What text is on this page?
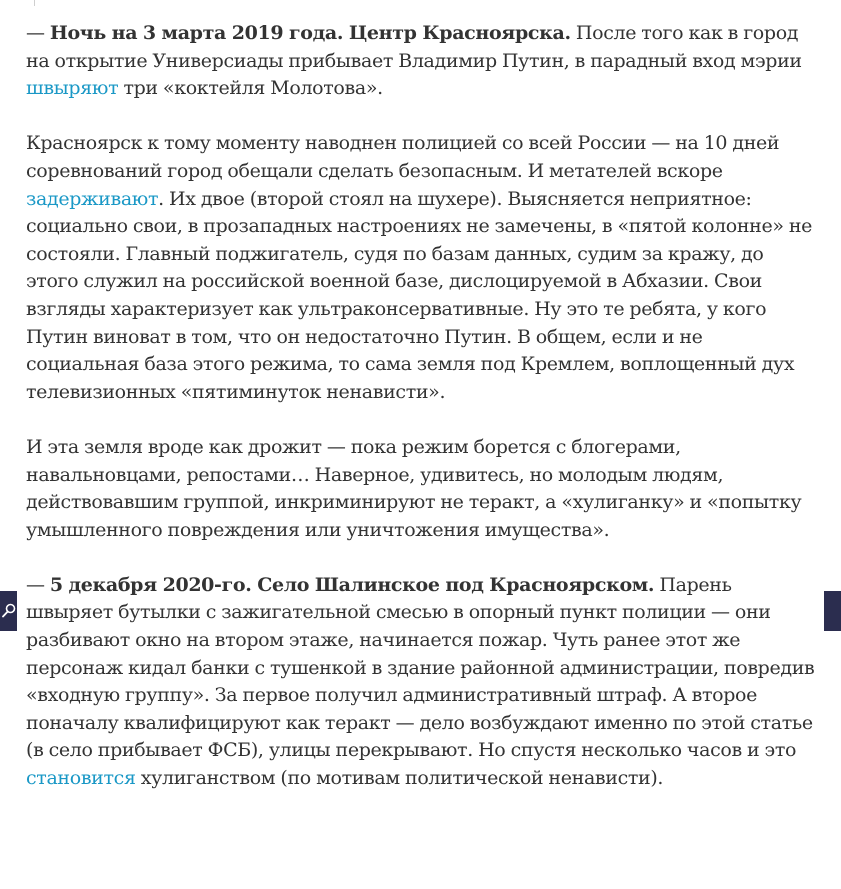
— Ночь на 3 марта 2019 года. Центр Красноярска. После того как в город на открытие Универсиады прибывает Владимир Путин, в парадный вход мэрии швыряют три «коктейля Молотова».

Красноярск к тому моменту наводнен полицией со всей России — на 10 дней соревнований город обещали сделать безопасным. И метателей вскоре задерживают. Их двое (второй стоял на шухере). Выясняется неприятное: социально свои, в прозападных настроениях не замечены, в «пятой колонне» не состояли. Главный поджигатель, судя по базам данных, судим за кражу, до этого служил на российской военной базе, дислоцируемой в Абхазии. Свои взгляды характеризует как ультраконсервативные. Ну это те ребята, у кого Путин виноват в том, что он недостаточно Путин. В общем, если и не социальная база этого режима, то сама земля под Кремлем, воплощенный дух телевизионных «пятиминуток ненависти».

И эта земля вроде как дрожит — пока режим борется с блогерами, навальновцами, репостами… Наверное, удивитесь, но молодым людям, действовавшим группой, инкриминируют не теракт, а «хулиганку» и «попытку умышленного повреждения или уничтожения имущества».

— 5 декабря 2020-го. Село Шалинское под Красноярском. Парень швыряет бутылки с зажигательной смесью в опорный пункт полиции — они разбивают окно на втором этаже, начинается пожар. Чуть ранее этот же персонаж кидал банки с тушенкой в здание районной администрации, повредив «входную группу». За первое получил административный штраф. А второе поначалу квалифицируют как теракт — дело возбуждают именно по этой статье (в село прибывает ФСБ), улицы перекрывают. Но спустя несколько часов и это становится хулиганством (по мотивам политической ненависти).
